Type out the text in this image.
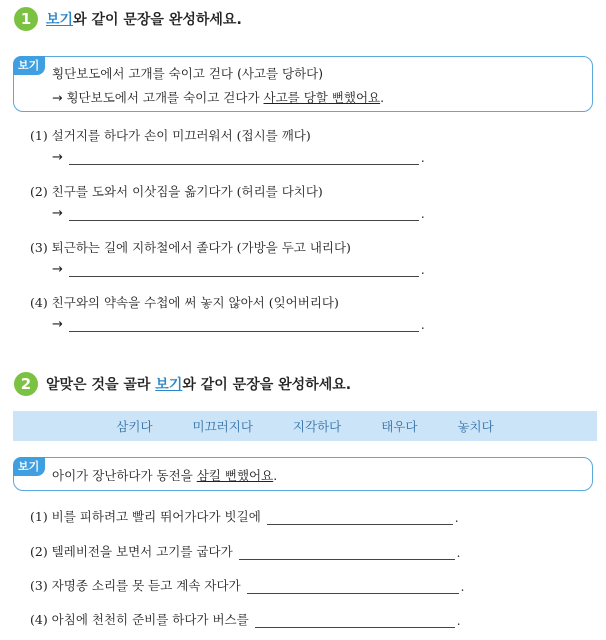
1	보기와 같이 문장을 완성하세요.
보기
횡단보도에서 고개를 숙이고 걷다 (사고를 당하다)
→ 횡단보도에서 고개를 숙이고 걷다가 사고를 당할 뻔했어요.
(1) 설거지를 하다가 손이 미끄러워서 (접시를 깨다)
→	.
(2) 친구를 도와서 이삿짐을 옮기다가 (허리를 다치다)
→	.
(3) 퇴근하는 길에 지하철에서 졸다가 (가방을 두고 내리다)
→	.
(4) 친구와의 약속을 수첩에 써 놓지 않아서 (잊어버리다)
→	.
2	알맞은 것을 골라 보기와 같이 문장을 완성하세요.
삼키다	미끄러지다	지각하다	태우다	놓치다
보기
아이가 장난하다가 동전을 삼킬 뻔했어요.
(1) 비를 피하려고 빨리 뛰어가다가 빗길에	.
(2) 텔레비전을 보면서 고기를 굽다가	.
(3) 자명종 소리를 못 듣고 계속 자다가	.
(4) 아침에 천천히 준비를 하다가 버스를	.
